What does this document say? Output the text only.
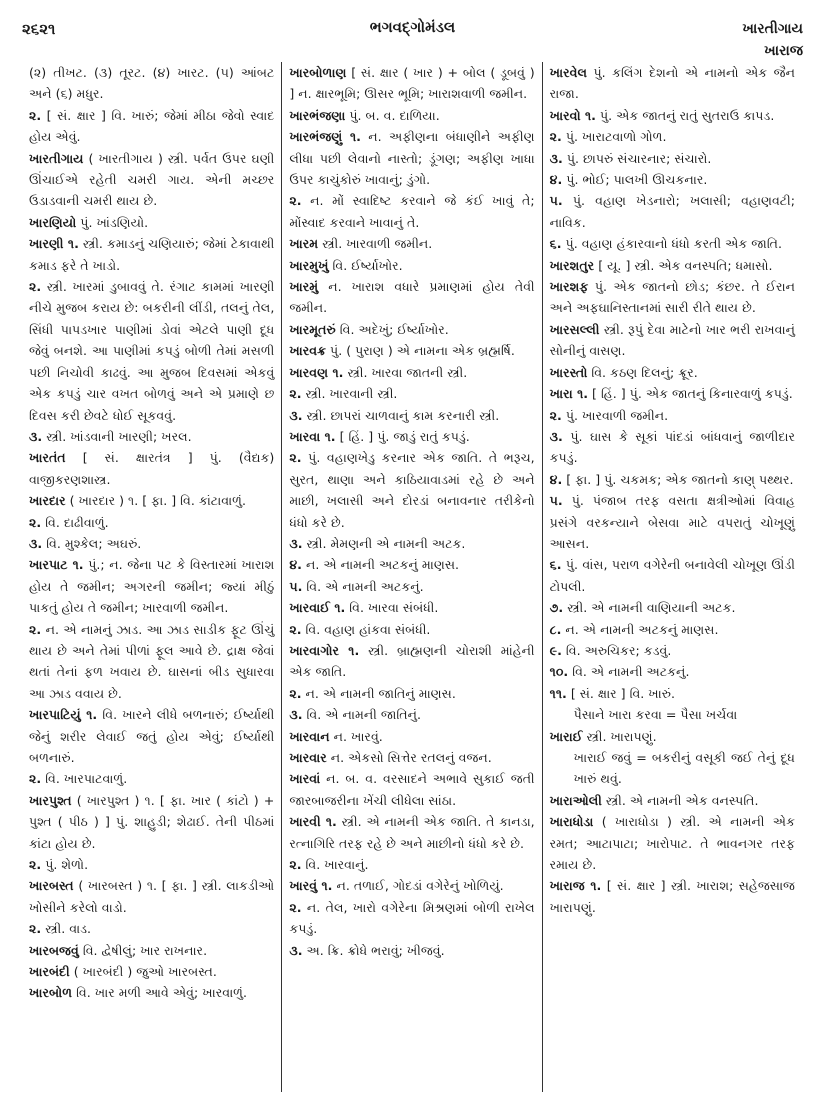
૨૬૨૧	ભગવદ્ગોમંડલ	ખારતીગાય
ખારાજ

(૨) તીખટ. (૩) તૂરટ. (૪) ખારટ. (૫) આંબટ અને (૬) મધુર.

૨. [ સં. ક્ષાર ] વિ. ખારું; જેમાં મીઠા જેવો સ્વાદ હોય એવું.

ખારતીગાય ( ખારતીગાય ) સ્ત્રી. પર્વત ઉપર ઘણી ઊંચાઈએ રહેતી ચમરી ગાય. એની મચ્છર ઉડાડવાની ચમરી થાય છે.

ખારણિયો પું. ખાંડણિયો.

ખારણી ૧. સ્ત્રી. કમાડનું ચણિયારું; જેમાં ટેકાવાથી કમાડ ફરે તે ખાડો.

૨. સ્ત્રી. ખારમાં ડુબાવવું તે. રંગાટ કામમાં ખારણી નીચે મુજબ કરાય છે: બકરીની લીંડી, તલનું તેલ, સિંધી પાપડખાર પાણીમાં ડોવાં એટલે પાણી દૂધ જેવું બનશે. આ પાણીમાં કપડું બોળી તેમાં મસળી પછી નિચોવી કાઢવું. આ મુજબ દિવસમાં એકવું એક કપડું ચાર વખત બોળવું અને એ પ્રમાણે છ દિવસ કરી છેવટે ધોઈ સૂકવવું.

૩. સ્ત્રી. ખાંડવાની ખારણી; ખરલ.

ખારતંત [ સં. ક્ષારતંત્ર ] પું. (વૈદ્યક) વાજીકરણશાસ્ત્ર.

ખારદાર ( ખારદાર ) ૧. [ ફા. ] વિ. કાંટાવાળું.

૨. વિ. દાઢીવાળું.

૩. વિ. મુશ્કેલ; અઘરું.

ખારપાટ ૧. પું.; ન. જેના પટ કે વિસ્તારમાં ખારાશ હોય તે જમીન; અગરની જમીન; જ્યાં મીઠું પાકતું હોય તે જમીન; ખારવાળી જમીન.

૨. ન. એ નામનું ઝાડ. આ ઝાડ સાડીક ફૂટ ઊંચું થાય છે અને તેમાં પીળાં ફૂલ આવે છે. દ્રાક્ષ જેવાં થતાં તેનાં ફળ ખવાય છે. ઘાસનાં બીડ સુધારવા આ ઝાડ વવાય છે.

ખારપાટિયું ૧. વિ. ખારને લીધે બળનારું; ઈર્ષ્યાથી જેનું શરીર લેવાઈ જતું હોય એવું; ઈર્ષ્યાથી બળનારું.

૨. વિ. ખારપાટવાળું.

ખારપુશ્ત ( ખારપુશ્ત ) ૧. [ ફા. ખાર ( કાંટો ) + પુશ્ત ( પીઠ ) ] પું. શાહુડી; શેઢાઈ. તેની પીઠમાં કાંટા હોય છે.

૨. પું. શેળો.

ખારબસ્ત ( ખારબસ્ત ) ૧. [ ફા. ] સ્ત્રી. લાકડીઓ ખોસીને કરેલો વાડો.

૨. સ્ત્રી. વાડ.

ખારબજવું વિ. દ્વેષીલું; ખાર રાખનાર.

ખારબંદી ( ખારબંદી ) જુઓ ખારબસ્ત.

ખારબોળ વિ. ખાર મળી આવે એવું; ખારવાળું.

ખારબોળાણ [ સં. ક્ષાર ( ખાર ) + બોલ ( ડૂબવું ) ] ન. ક્ષારભૂમિ; ઊસર ભૂમિ; ખારાશવાળી જમીન.

ખારભંજણા પું. બ. વ. દાળિયા.

ખારભંજણું ૧. ન. અફીણના બંધાણીને અફીણ લીધા પછી લેવાનો નાસ્તો; ડૂંગણ; અફીણ ખાધા ઉપર કાચુંકોરું ખાવાનું; ડુંગો.

૨. ન. મોં સ્વાદિષ્ટ કરવાને જે કંઈ ખાવું તે; મોંસ્વાદ કરવાને ખાવાનું તે.

ખારમ સ્ત્રી. ખારવાળી જમીન.

ખારમુખું વિ. ઈર્ષ્યાખોર.

ખારમું ન. ખારાશ વધારે પ્રમાણમાં હોય તેવી જમીન.

ખારમૂતરું વિ. અદેખું; ઈર્ષ્યાખોર.

ખારવક્ર પું. ( પુરાણ ) એ નામના એક બ્રહ્મર્ષિ.

ખારવણ ૧. સ્ત્રી. ખારવા જાતની સ્ત્રી.

૨. સ્ત્રી. ખારવાની સ્ત્રી.

૩. સ્ત્રી. છાપરાં ચાળવાનું કામ કરનારી સ્ત્રી.

ખારવા ૧. [ હિં. ] પું. જાડું રાતું કપડું.

૨. પું. વહાણખેડુ કરનાર એક જાતિ. તે ભરૂચ, સુરત, થાણા અને કાઠિયાવાડમાં રહે છે અને માછી, ખલાસી અને દોરડાં બનાવનાર તરીકેનો ધંધો કરે છે.

૩. સ્ત્રી. મેમણની એ નામની અટક.

૪. ન. એ નામની અટકનું માણસ.

૫. વિ. એ નામની અટકનું.

ખારવાઈ ૧. વિ. ખારવા સંબંધી.

૨. વિ. વહાણ હાંકવા સંબંધી.

ખારવાગોર ૧. સ્ત્રી. બ્રાહ્મણની ચોરાશી માંહેની એક જાતિ.

૨. ન. એ નામની જાતિનું માણસ.

૩. વિ. એ નામની જાતિનું.

ખારવાન ન. ખારવું.

ખારવાર ન. એકસો સિત્તેર રતલનું વજન.

ખારવાં ન. બ. વ. વરસાદને અભાવે સુકાઈ જતી જારબાજરીના ખેંચી લીધેલા સાંઠા.

ખારવી ૧. સ્ત્રી. એ નામની એક જાતિ. તે કાનડા, રત્નાગિરિ તરફ રહે છે અને માછીનો ધંધો કરે છે.

૨. વિ. ખારવાનું.

ખારવું ૧. ન. તળાઈ, ગોદડાં વગેરેનું ખોળિયું.

૨. ન. તેલ, ખારો વગેરેના મિશ્રણમાં બોળી રાખેલ કપડું.

૩. અ. ક્રિ. ક્રોધે ભરાવું; ખીજવું.

ખારવેલ પું. કલિંગ દેશનો એ નામનો એક જૈન રાજા.

ખારવો ૧. પું. એક જાતનું રાતું સુતરાઉ કાપડ.

૨. પું. ખારાટવાળો ગોળ.

૩. પું. છાપરું સંચારનાર; સંચારો.

૪. પું. ભોઈ; પાલખી ઊચકનાર.

૫. પું. વહાણ ખેડનારો; ખલાસી; વહાણવટી; નાવિક.

૬. પું. વહાણ હંકારવાનો ધંધો કરતી એક જાતિ.

ખારશતુર [ યૂ. ] સ્ત્રી. એક વનસ્પતિ; ધમાસો.

ખારશફ પું. એક જાતનો છોડ; કંછર. તે ઈરાન અને અફઘાનિસ્તાનમાં સારી રીતે થાય છે.

ખારસલ્લી સ્ત્રી. રૂપું દેવા માટેનો ખાર ભરી રાખવાનું સોનીનું વાસણ.

ખારસ્તો વિ. કઠણ દિલનું; ક્રૂર.

ખારા ૧. [ હિં. ] પું. એક જાતનું કિનારવાળું કપડું.

૨. પું. ખારવાળી જમીન.

૩. પું. ઘાસ કે સૂકાં પાંદડાં બાંધવાનું જાળીદાર કપડું.

૪. [ ફા. ] પું. ચકમક; એક જાતનો કાણ્ પથ્થર.

૫. પું. પંજાબ તરફ વસતા ક્ષત્રીઓમાં વિવાહ પ્રસંગે વરકન્યાને બેસવા માટે વપરાતું ચોખૂણું આસન.

૬. પું. વાંસ, પરાળ વગેરેની બનાવેલી ચોખૂણ ઊંડી ટોપલી.

૭. સ્ત્રી. એ નામની વાણિયાની અટક.

૮. ન. એ નામની અટકનું માણસ.

૯. વિ. અરુચિકર; કડવું.

૧૦. વિ. એ નામની અટકનું.

૧૧. [ સં. ક્ષાર ] વિ. ખારું.

પૈસાને ખારા કરવા = પૈસા ખર્ચવા

ખારાઈ સ્ત્રી. ખારાપણું.

ખારાઈ જવું = બકરીનું વસૂકી જઈ તેનું દૂધ ખારું થવું.

ખારાઓલી સ્ત્રી. એ નામની એક વનસ્પતિ.

ખારાધોડા ( ખારાધોડા ) સ્ત્રી. એ નામની એક રમત; આટાપાટા; ખારોપાટ. તે ભાવનગર તરફ રમાય છે.

ખારાજ ૧. [ સં. ક્ષાર ] સ્ત્રી. ખારાશ; સહેજસાજ ખારાપણું.
